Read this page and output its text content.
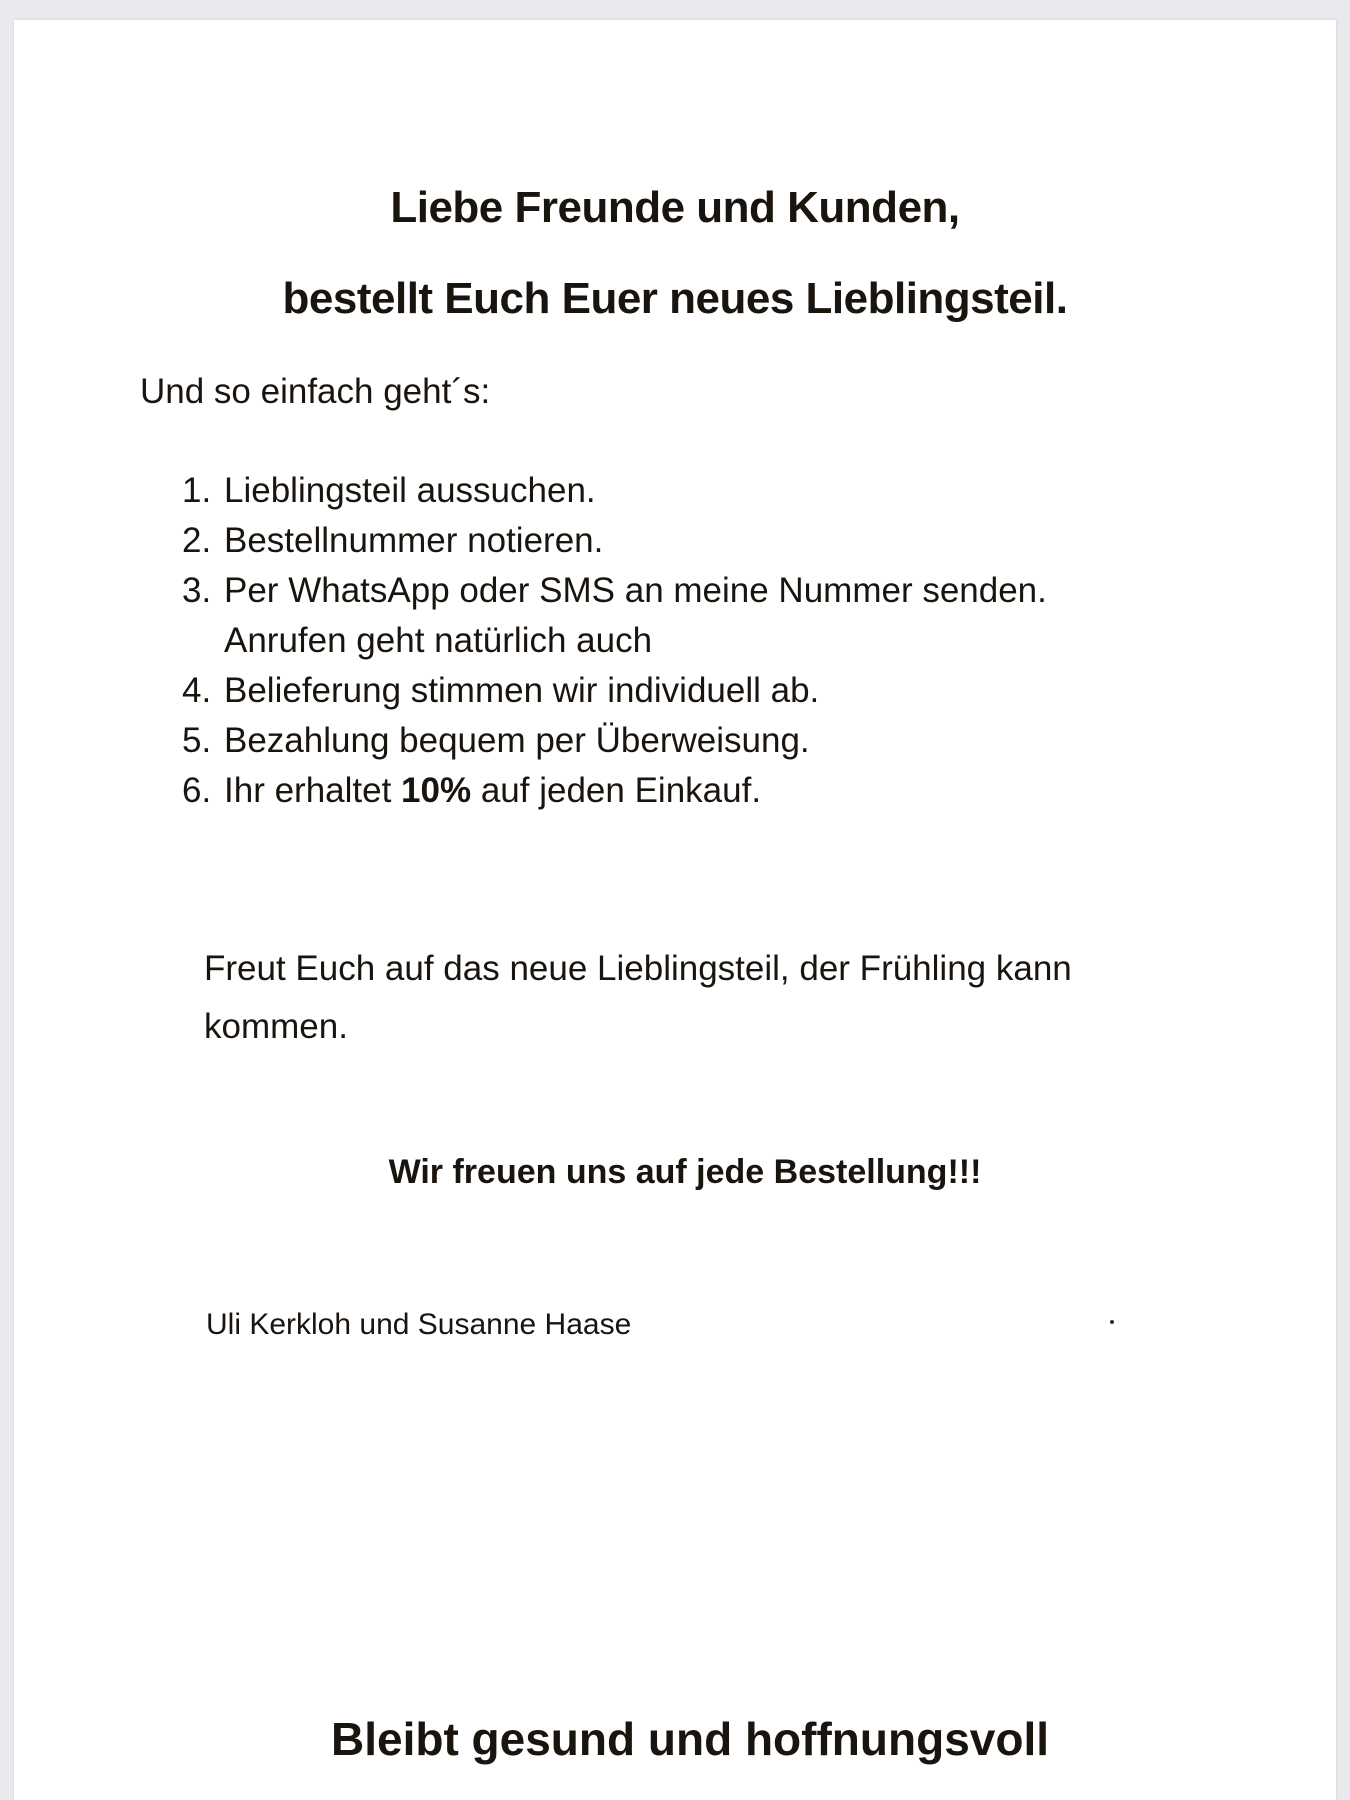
Liebe Freunde und Kunden,
bestellt Euch Euer neues Lieblingsteil.

Und so einfach geht´s:

1. Lieblingsteil aussuchen.
2. Bestellnummer notieren.
3. Per WhatsApp oder SMS an meine Nummer senden.
Anrufen geht natürlich auch
4. Belieferung stimmen wir individuell ab.
5. Bezahlung bequem per Überweisung.
6. Ihr erhaltet 10% auf jeden Einkauf.
Freut Euch auf das neue Lieblingsteil, der Frühling kann
kommen.

Wir freuen uns auf jede Bestellung!!!

Uli Kerkloh und Susanne Haase

Bleibt gesund und hoffnungsvoll
